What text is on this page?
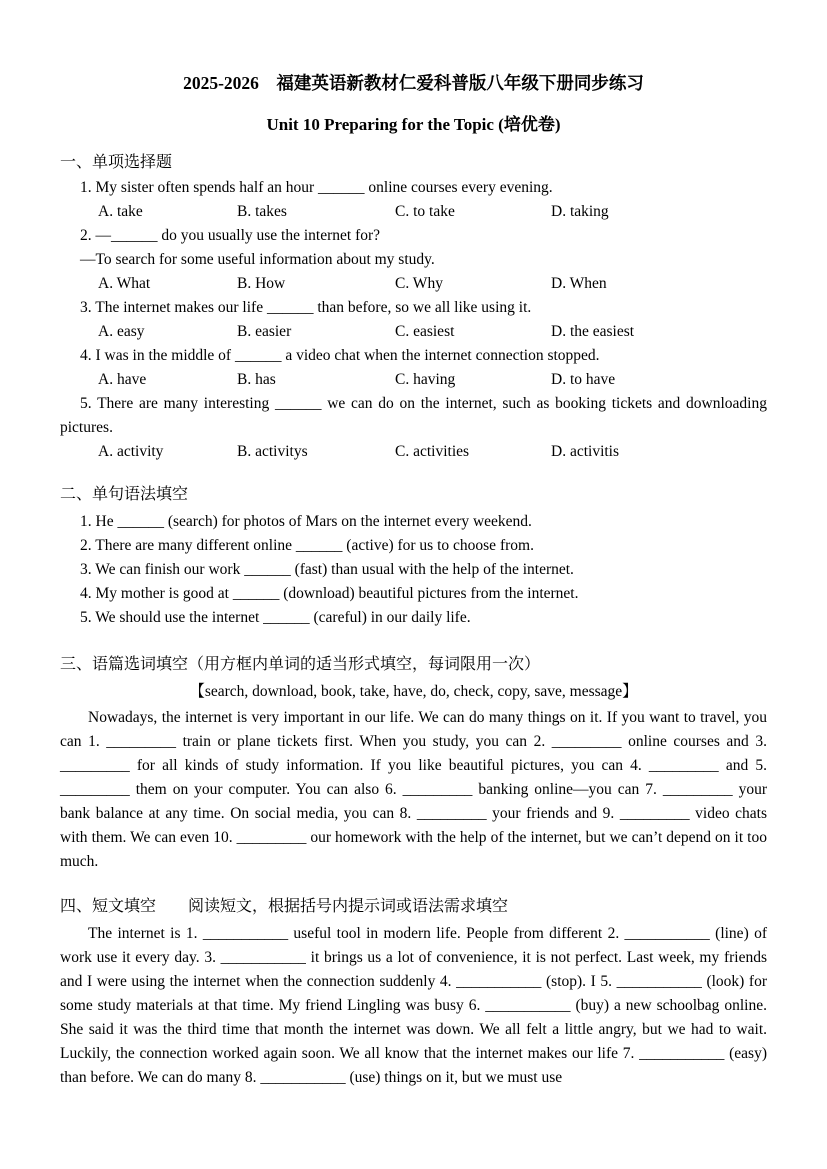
2025-2026　福建英语新教材仁爱科普版八年级下册同步练习
Unit 10 Preparing for the Topic (培优卷)
一、单项选择题
1. My sister often spends half an hour ______ online courses every evening.
A. take	B. takes	C. to take	D. taking
2. —______ do you usually use the internet for?
—To search for some useful information about my study.
A. What	B. How	C. Why	D. When
3. The internet makes our life ______ than before, so we all like using it.
A. easy	B. easier	C. easiest	D. the easiest
4. I was in the middle of ______ a video chat when the internet connection stopped.
A. have	B. has	C. having	D. to have
5. There are many interesting ______ we can do on the internet, such as booking tickets and downloading pictures.
A. activity	B. activitys	C. activities	D. activitis
二、单句语法填空
1. He ______ (search) for photos of Mars on the internet every weekend.
2. There are many different online ______ (active) for us to choose from.
3. We can finish our work ______ (fast) than usual with the help of the internet.
4. My mother is good at ______ (download) beautiful pictures from the internet.
5. We should use the internet ______ (careful) in our daily life.
三、语篇选词填空（用方框内单词的适当形式填空，每词限用一次）
【search, download, book, take, have, do, check, copy, save, message】
Nowadays, the internet is very important in our life. We can do many things on it. If you want to travel, you can 1. _________ train or plane tickets first. When you study, you can 2. _________ online courses and 3. _________ for all kinds of study information. If you like beautiful pictures, you can 4. _________ and 5. _________ them on your computer. You can also 6. _________ banking online—you can 7. _________ your bank balance at any time. On social media, you can 8. _________ your friends and 9. _________ video chats with them. We can even 10. _________ our homework with the help of the internet, but we can’t depend on it too much.
四、短文填空　　阅读短文，根据括号内提示词或语法需求填空
The internet is 1. ___________ useful tool in modern life. People from different 2. ___________ (line) of work use it every day. 3. ___________ it brings us a lot of convenience, it is not perfect. Last week, my friends and I were using the internet when the connection suddenly 4. ___________ (stop). I 5. ___________ (look) for some study materials at that time. My friend Lingling was busy 6. ___________ (buy) a new schoolbag online. She said it was the third time that month the internet was down. We all felt a little angry, but we had to wait. Luckily, the connection worked again soon. We all know that the internet makes our life 7. ___________ (easy) than before. We can do many 8. ___________ (use) things on it, but we must use
